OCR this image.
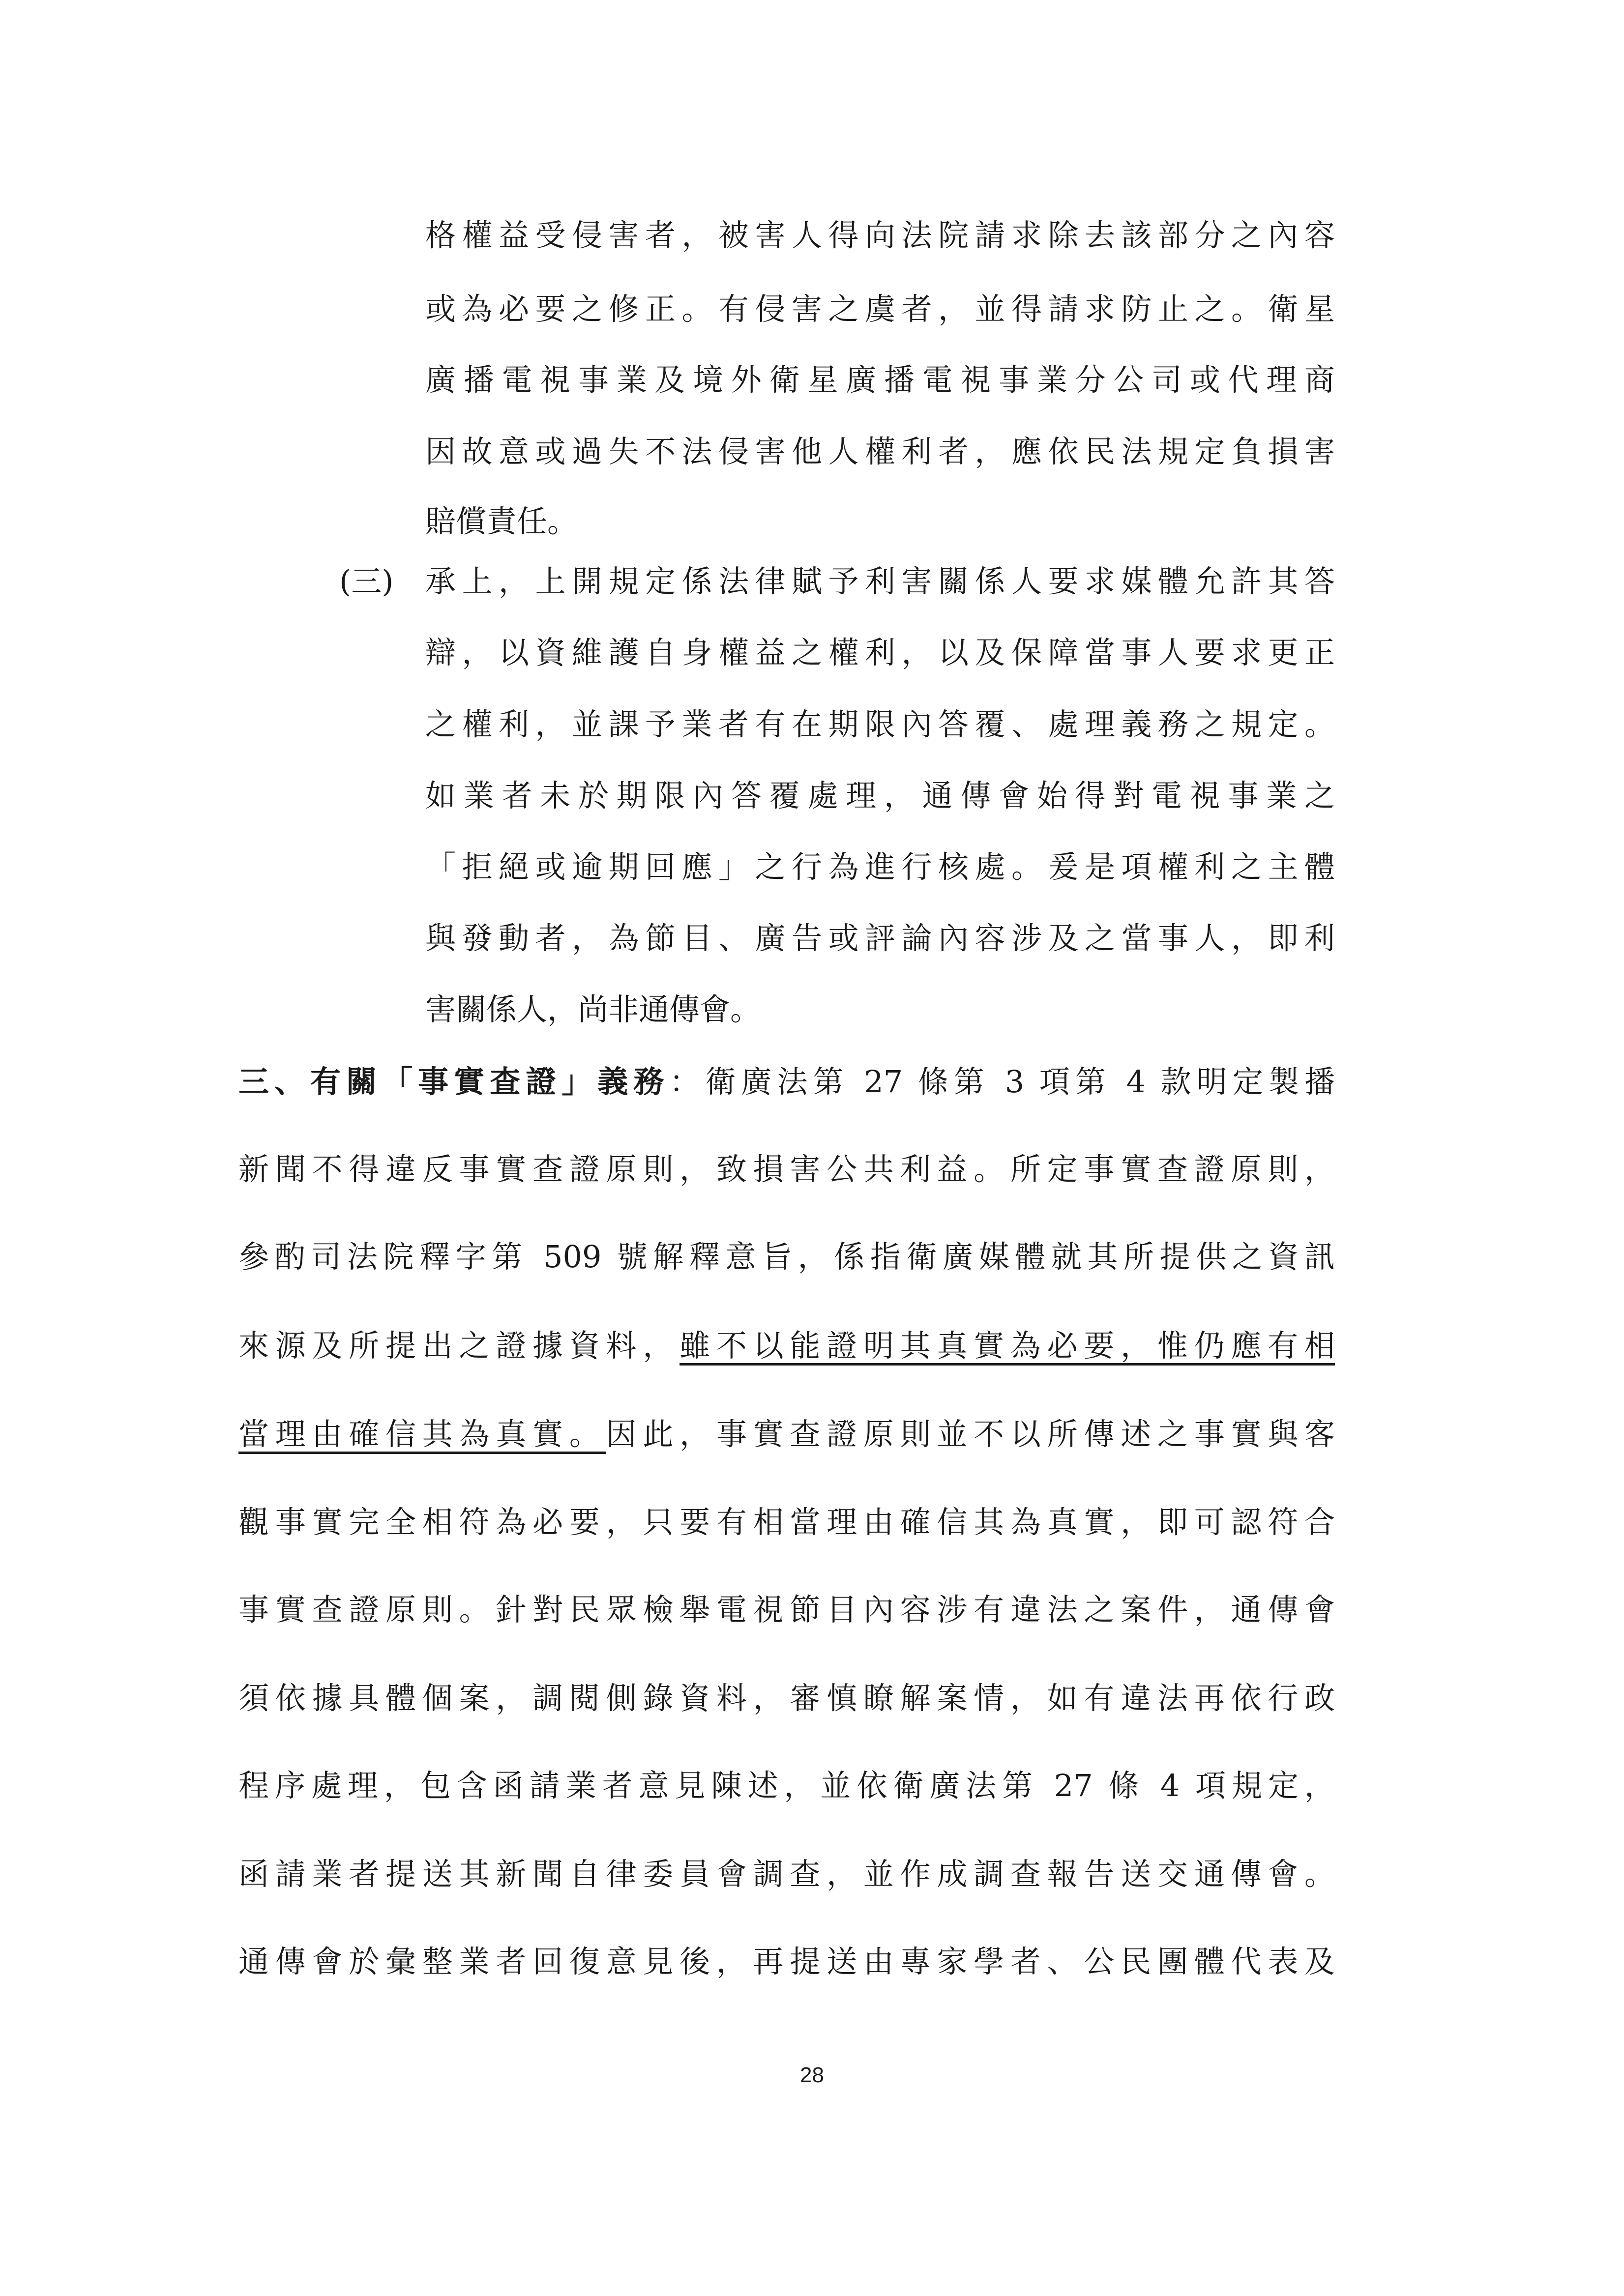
格權益受侵害者，被害人得向法院請求除去該部分之內容
或為必要之修正。有侵害之虞者，並得請求防止之。衛星
廣播電視事業及境外衛星廣播電視事業分公司或代理商
因故意或過失不法侵害他人權利者，應依民法規定負損害
賠償責任。
(三) 承上，上開規定係法律賦予利害關係人要求媒體允許其答
辯，以資維護自身權益之權利，以及保障當事人要求更正
之權利，並課予業者有在期限內答覆、處理義務之規定。
如業者未於期限內答覆處理，通傳會始得對電視事業之
「拒絕或逾期回應」之行為進行核處。爰是項權利之主體
與發動者，為節目、廣告或評論內容涉及之當事人，即利
害關係人，尚非通傳會。
三、有關「事實查證」義務：衛廣法第 27 條第 3 項第 4 款明定製播
新聞不得違反事實查證原則，致損害公共利益。所定事實查證原則，
參酌司法院釋字第 509 號解釋意旨，係指衛廣媒體就其所提供之資訊
來源及所提出之證據資料，雖不以能證明其真實為必要，惟仍應有相
當理由確信其為真實。因此，事實查證原則並不以所傳述之事實與客
觀事實完全相符為必要，只要有相當理由確信其為真實，即可認符合
事實查證原則。針對民眾檢舉電視節目內容涉有違法之案件，通傳會
須依據具體個案，調閱側錄資料，審慎瞭解案情，如有違法再依行政
程序處理，包含函請業者意見陳述，並依衛廣法第 27 條 4 項規定，
函請業者提送其新聞自律委員會調查，並作成調查報告送交通傳會。
通傳會於彙整業者回復意見後，再提送由專家學者、公民團體代表及
28
